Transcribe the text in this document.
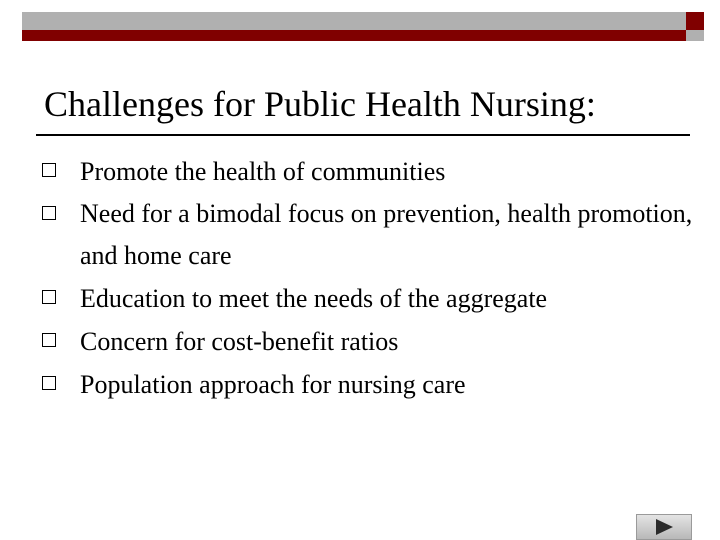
Challenges for Public Health Nursing:
Promote the health of communities
Need for a bimodal focus on prevention, health promotion, and home care
Education to meet the needs of the aggregate
Concern for cost-benefit ratios
Population approach for nursing care
